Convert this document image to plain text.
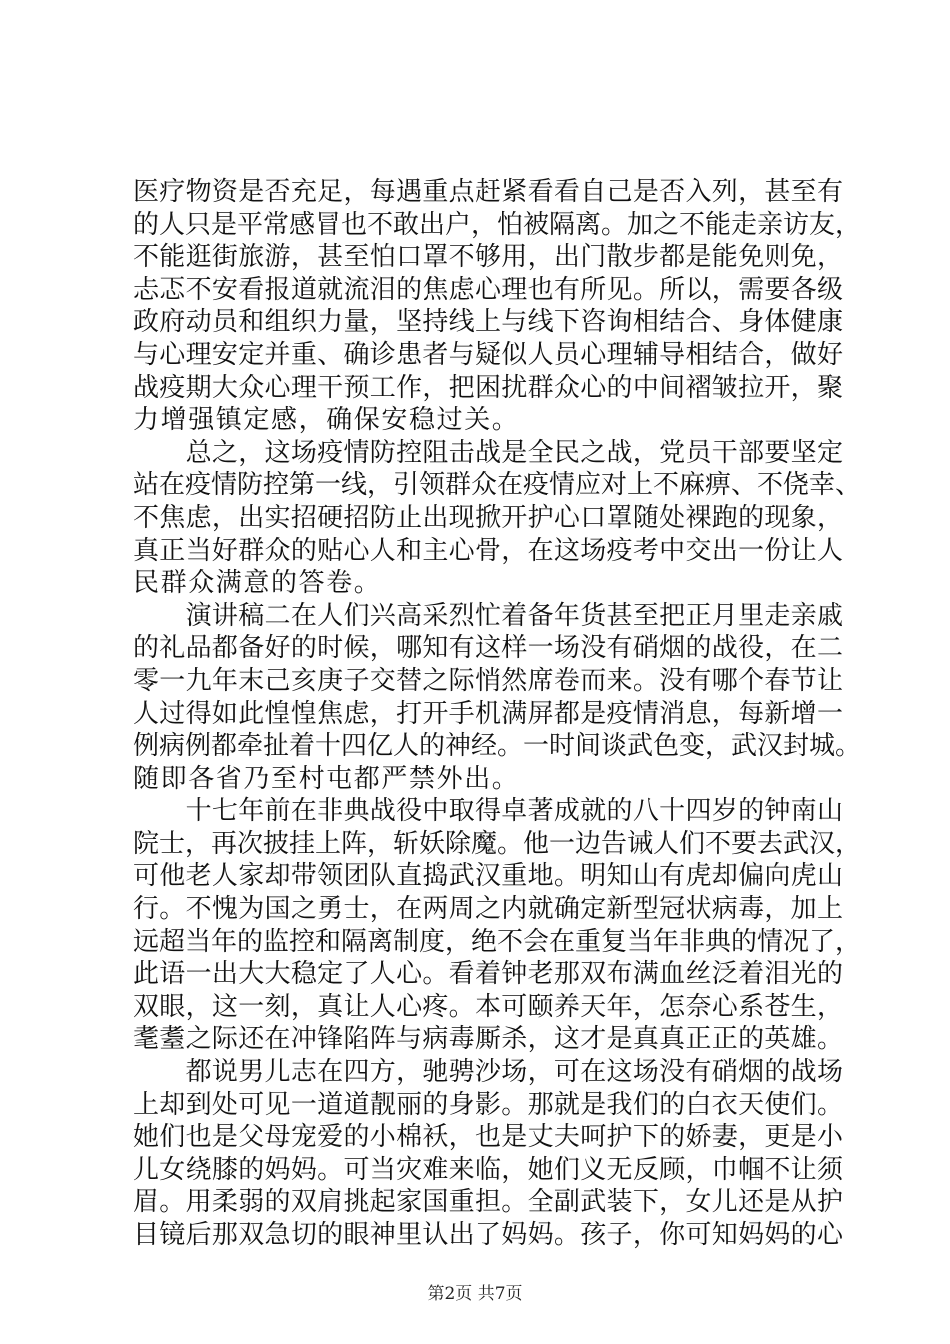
医疗物资是否充足，每遇重点赶紧看看自己是否入列，甚至有
的人只是平常感冒也不敢出户，怕被隔离。加之不能走亲访友，
不能逛街旅游，甚至怕口罩不够用，出门散步都是能免则免，
忐忑不安看报道就流泪的焦虑心理也有所见。所以，需要各级
政府动员和组织力量，坚持线上与线下咨询相结合、身体健康
与心理安定并重、确诊患者与疑似人员心理辅导相结合，做好
战疫期大众心理干预工作，把困扰群众心的中间褶皱拉开，聚
力增强镇定感，确保安稳过关。
　　总之，这场疫情防控阻击战是全民之战，党员干部要坚定
站在疫情防控第一线，引领群众在疫情应对上不麻痹、不侥幸、
不焦虑，出实招硬招防止出现掀开护心口罩随处裸跑的现象，
真正当好群众的贴心人和主心骨，在这场疫考中交出一份让人
民群众满意的答卷。
　　演讲稿二在人们兴高采烈忙着备年货甚至把正月里走亲戚
的礼品都备好的时候，哪知有这样一场没有硝烟的战役，在二
零一九年末己亥庚子交替之际悄然席卷而来。没有哪个春节让
人过得如此惶惶焦虑，打开手机满屏都是疫情消息，每新增一
例病例都牵扯着十四亿人的神经。一时间谈武色变，武汉封城。
随即各省乃至村屯都严禁外出。
　　十七年前在非典战役中取得卓著成就的八十四岁的钟南山
院士，再次披挂上阵，斩妖除魔。他一边告诫人们不要去武汉，
可他老人家却带领团队直捣武汉重地。明知山有虎却偏向虎山
行。不愧为国之勇士，在两周之内就确定新型冠状病毒，加上
远超当年的监控和隔离制度，绝不会在重复当年非典的情况了，
此语一出大大稳定了人心。看着钟老那双布满血丝泛着泪光的
双眼，这一刻，真让人心疼。本可颐养天年，怎奈心系苍生，
耄耋之际还在冲锋陷阵与病毒厮杀，这才是真真正正的英雄。
　　都说男儿志在四方，驰骋沙场，可在这场没有硝烟的战场
上却到处可见一道道靓丽的身影。那就是我们的白衣天使们。
她们也是父母宠爱的小棉袄，也是丈夫呵护下的娇妻，更是小
儿女绕膝的妈妈。可当灾难来临，她们义无反顾，巾帼不让须
眉。用柔弱的双肩挑起家国重担。全副武装下，女儿还是从护
目镜后那双急切的眼神里认出了妈妈。孩子，你可知妈妈的心
第2页 共7页
